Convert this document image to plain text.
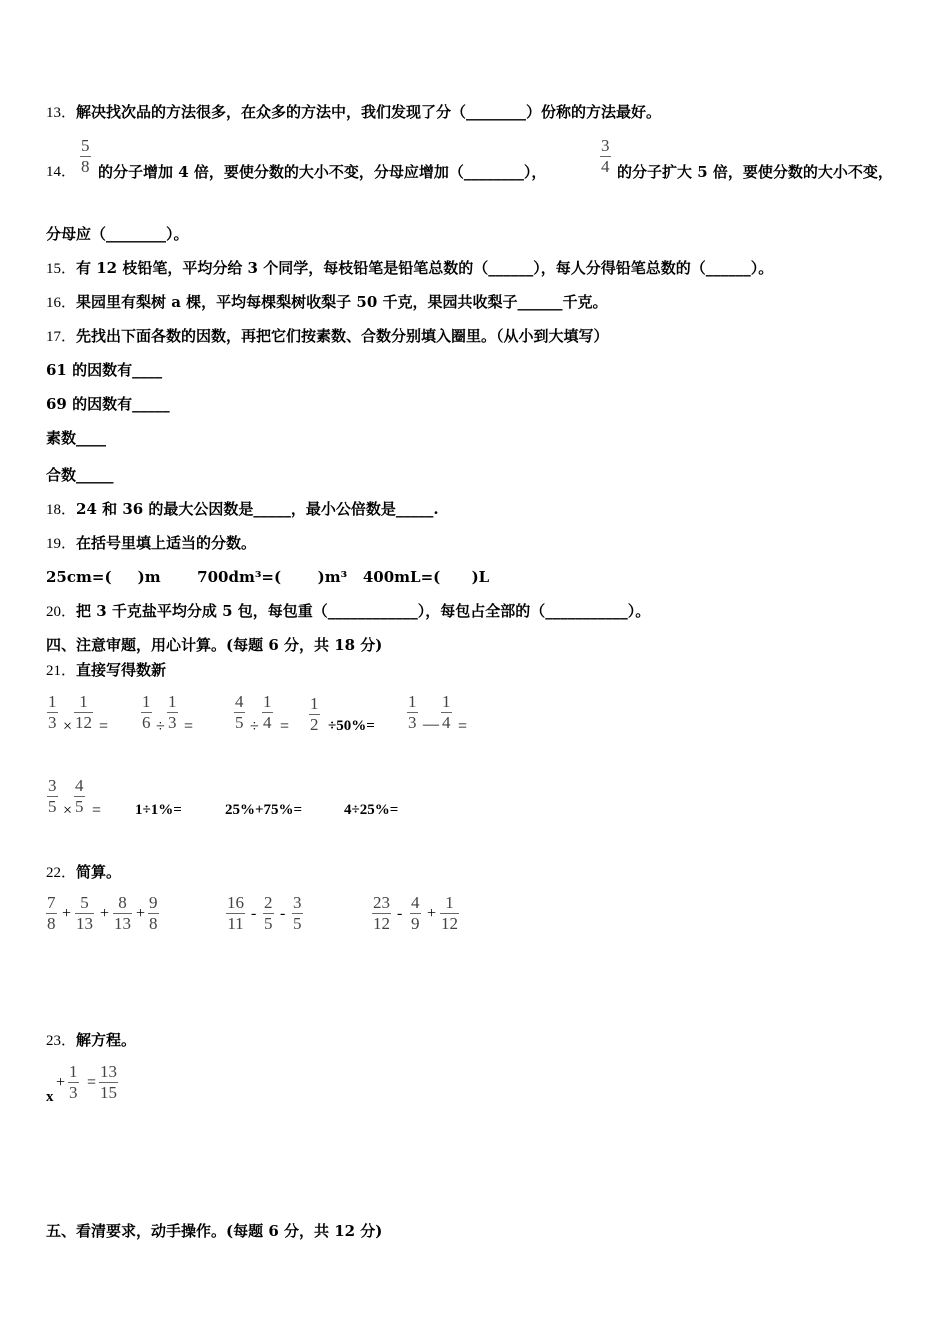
13．解决找次品的方法很多，在众多的方法中，我们发现了分（________）份称的方法最好。
14．
5
8 的分子增加 4 倍，要使分数的大小不变，分母应增加（________），
3
4 的分子扩大 5 倍，要使分数的大小不变，
分母应（________）。
15．有 12 枝铅笔，平均分给 3 个同学，每枝铅笔是铅笔总数的（______），每人分得铅笔总数的（______）。
16．果园里有梨树 a 棵，平均每棵梨树收梨子 50 千克，果园共收梨子______千克。
17．先找出下面各数的因数，再把它们按素数、合数分别填入圈里。（从小到大填写）
61 的因数有____
69 的因数有_____
素数____
合数_____
18．24 和 36 的最大公因数是_____，最小公倍数是_____.
19．在括号里填上适当的分数。
25cm=(     )m       700dm³=(       )m³   400mL=(      )L
20．把 3 千克盐平均分成 5 包，每包重（____________），每包占全部的（___________）。
四、注意审题，用心计算。(每题 6 分，共 18 分)
21．直接写得数新
1
3 ×
1
12 =
1
6 ÷
1
3 =
4
5 ÷
1
4 =
1
2 ÷50%=
1
3 —
1
4 =
3
5 ×
4
5 = 1÷1%=	25%+75%=	4÷25%=
22．简算。
7
8
+
5
13
+
8
13
+
9
8
16
11
-
2
5
-
3
5
23
12
-
4
9
+
1
12
23．解方程。
x
+
1
3
=
13
15
五、看清要求，动手操作。(每题 6 分，共 12 分)
